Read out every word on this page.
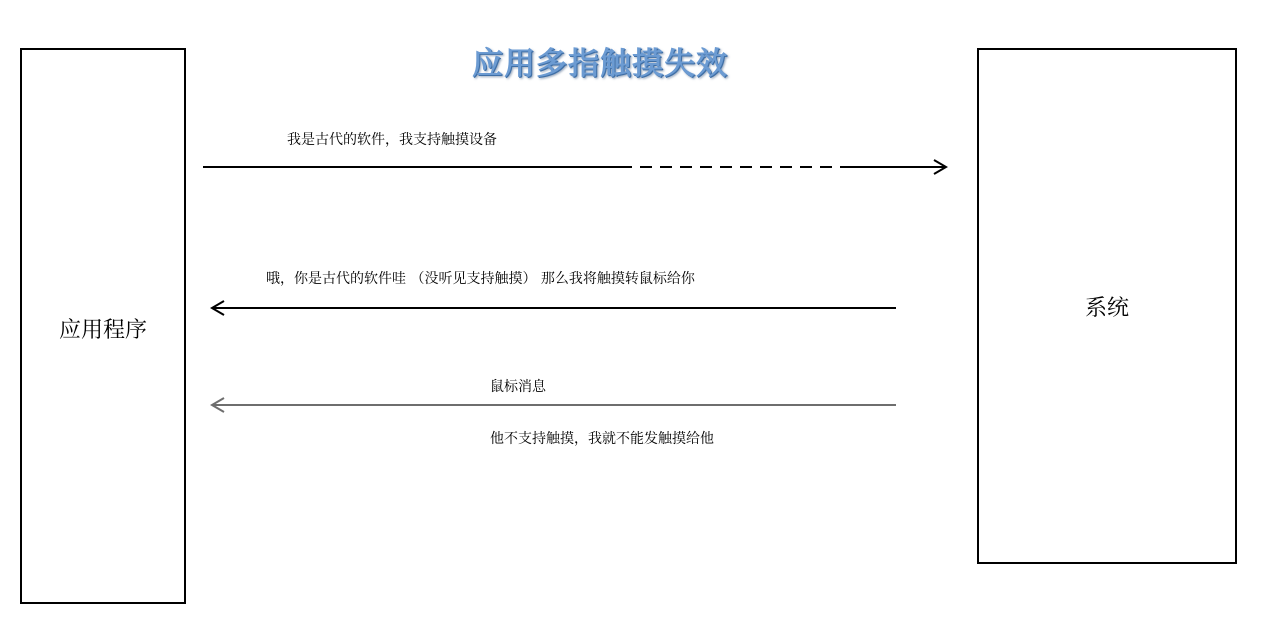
应用多指触摸失效
应用程序
系统
我是古代的软件，我支持触摸设备
哦，你是古代的软件哇 （没听见支持触摸） 那么我将触摸转鼠标给你
鼠标消息
他不支持触摸，我就不能发触摸给他
